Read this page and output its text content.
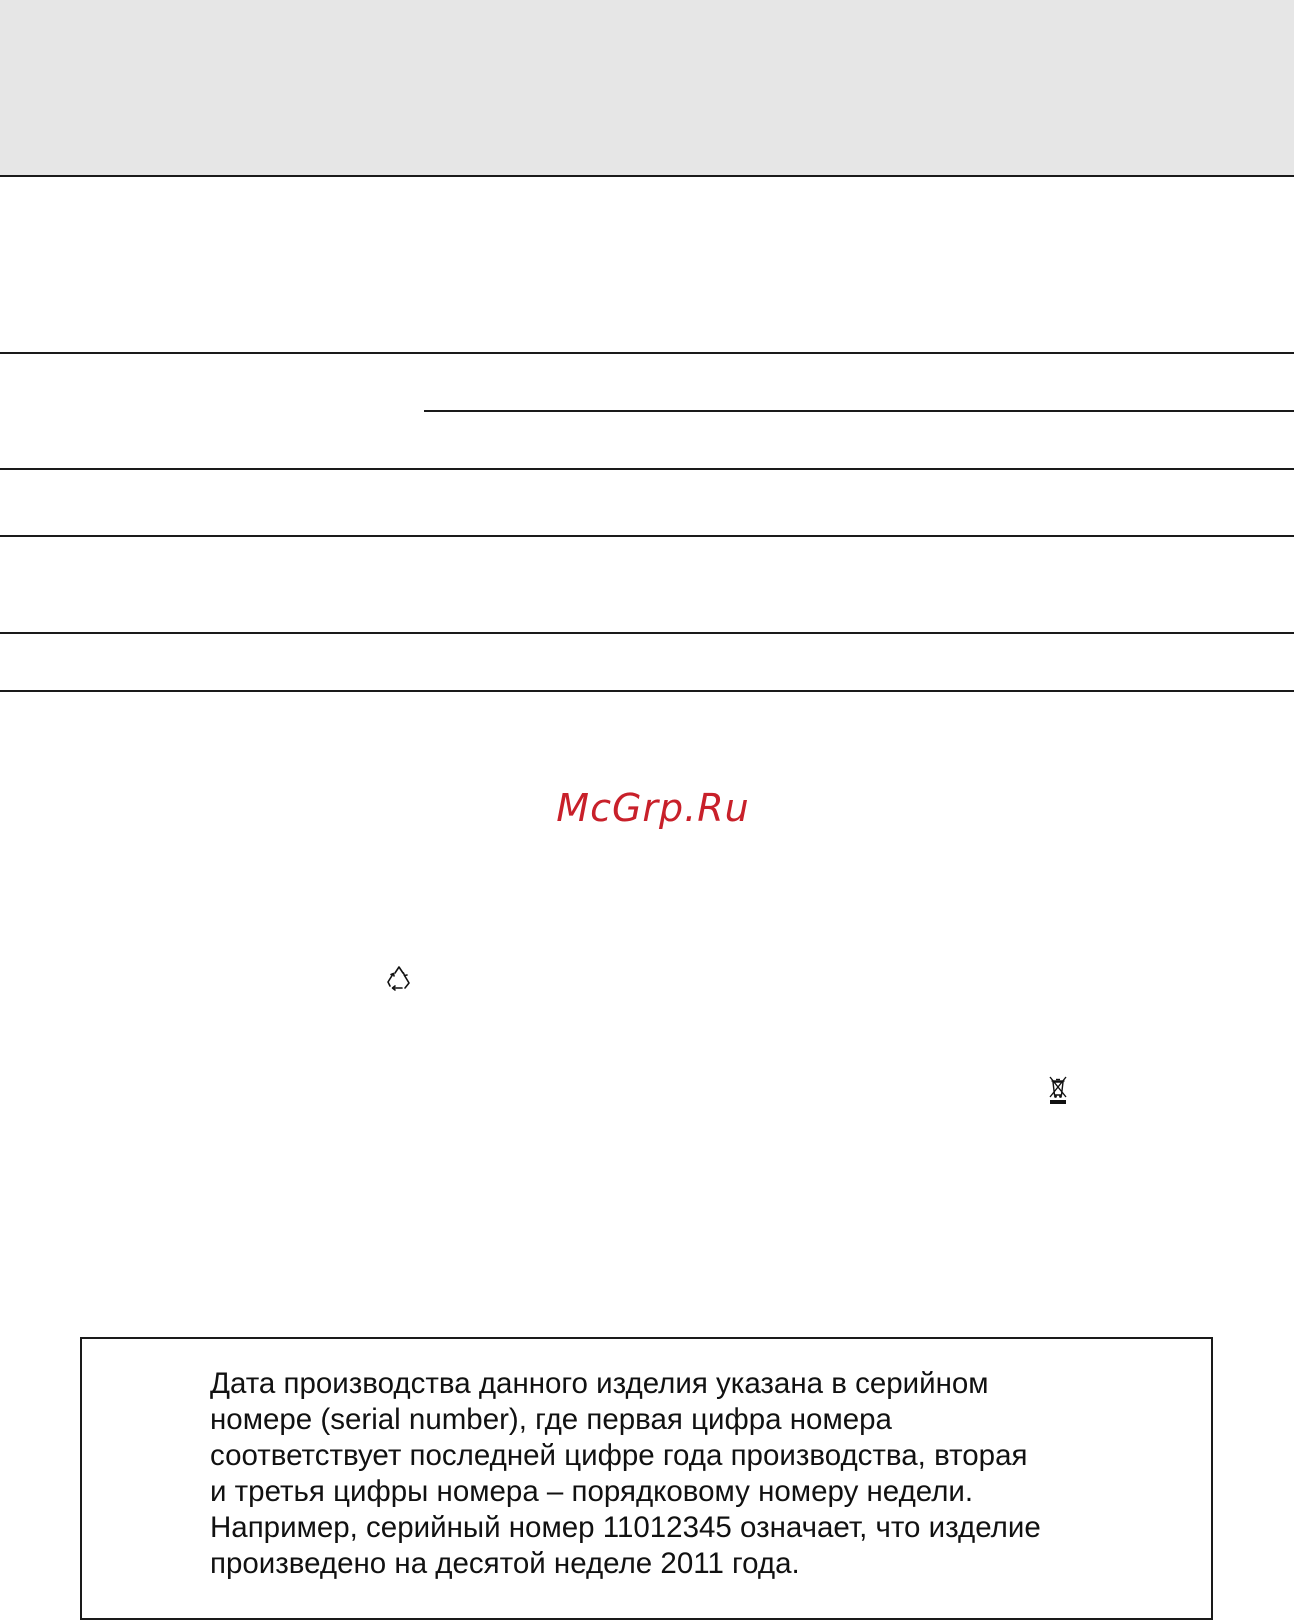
McGrp.Ru

Дата производства данного изделия указана в серийном
номере (serial number), где первая цифра номера
соответствует последней цифре года производства, вторая
и третья цифры номера – порядковому номеру недели.
Например, серийный номер 11012345 означает, что изделие
произведено на десятой неделе 2011 года.
